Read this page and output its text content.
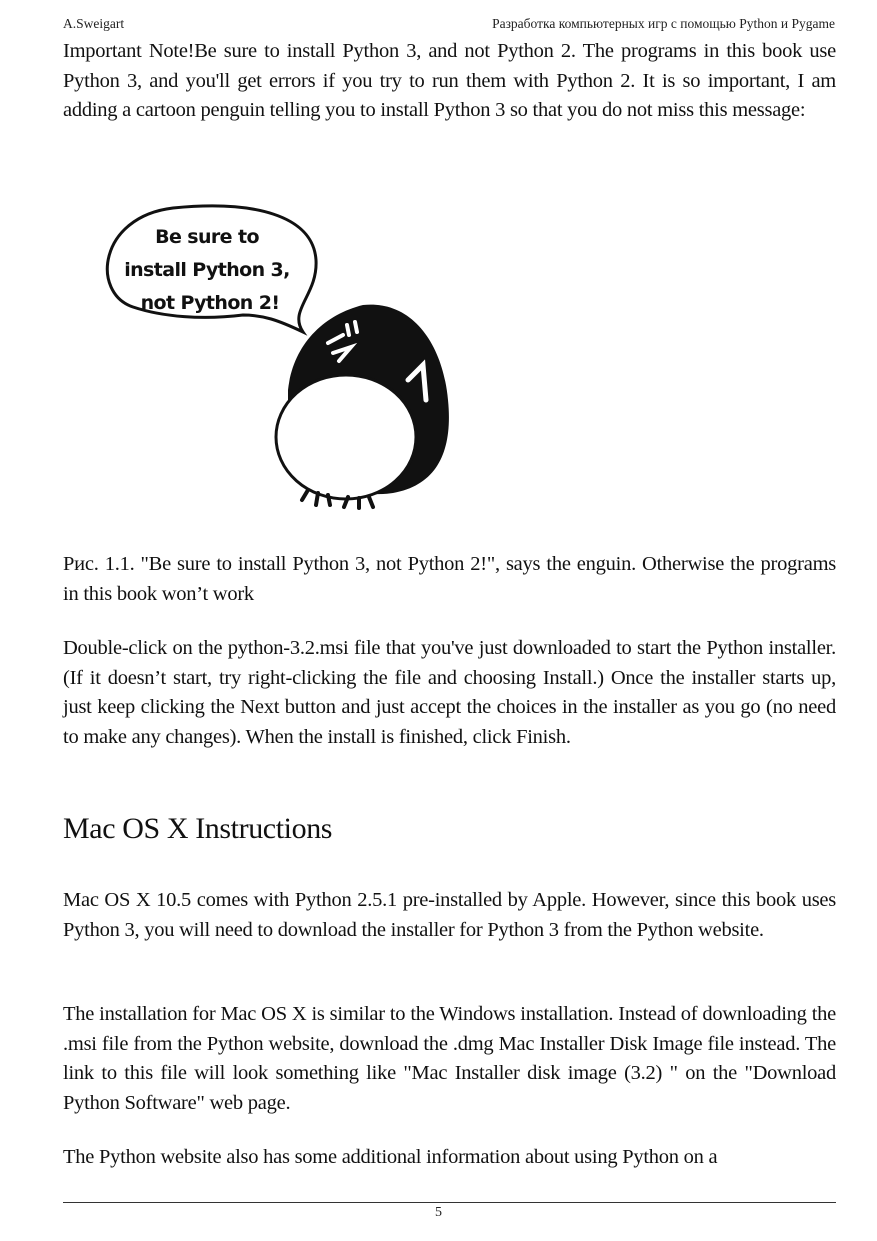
A.Sweigart	Разработка компьютерных игр с помощью Python и Pygame

Important Note!Be sure to install Python 3, and not Python 2. The programs in this book use Python 3, and you'll get errors if you try to run them with Python 2. It is so important, I am adding a cartoon penguin telling you to install Python 3 so that you do not miss this message:

Be sure to install Python 3, not Python 2!

Рис. 1.1. "Be sure to install Python 3, not Python 2!", says the enguin. Otherwise the programs in this book won’t work

Double-click on the python-3.2.msi file that you've just downloaded to start the Python installer. (If it doesn’t start, try right-clicking the file and choosing Install.) Once the installer starts up, just keep clicking the Next button and just accept the choices in the installer as you go (no need to make any changes). When the install is finished, click Finish.

Mac OS X Instructions

Mac OS X 10.5 comes with Python 2.5.1 pre-installed by Apple. However, since this book uses Python 3, you will need to download the installer for Python 3 from the Python website.

The installation for Mac OS X is similar to the Windows installation. Instead of downloading the .msi file from the Python website, download the .dmg Mac Installer Disk Image file instead. The link to this file will look something like "Mac Installer disk image (3.2) " on the "Download Python Software" web page.

The Python website also has some additional information about using Python on a

5
